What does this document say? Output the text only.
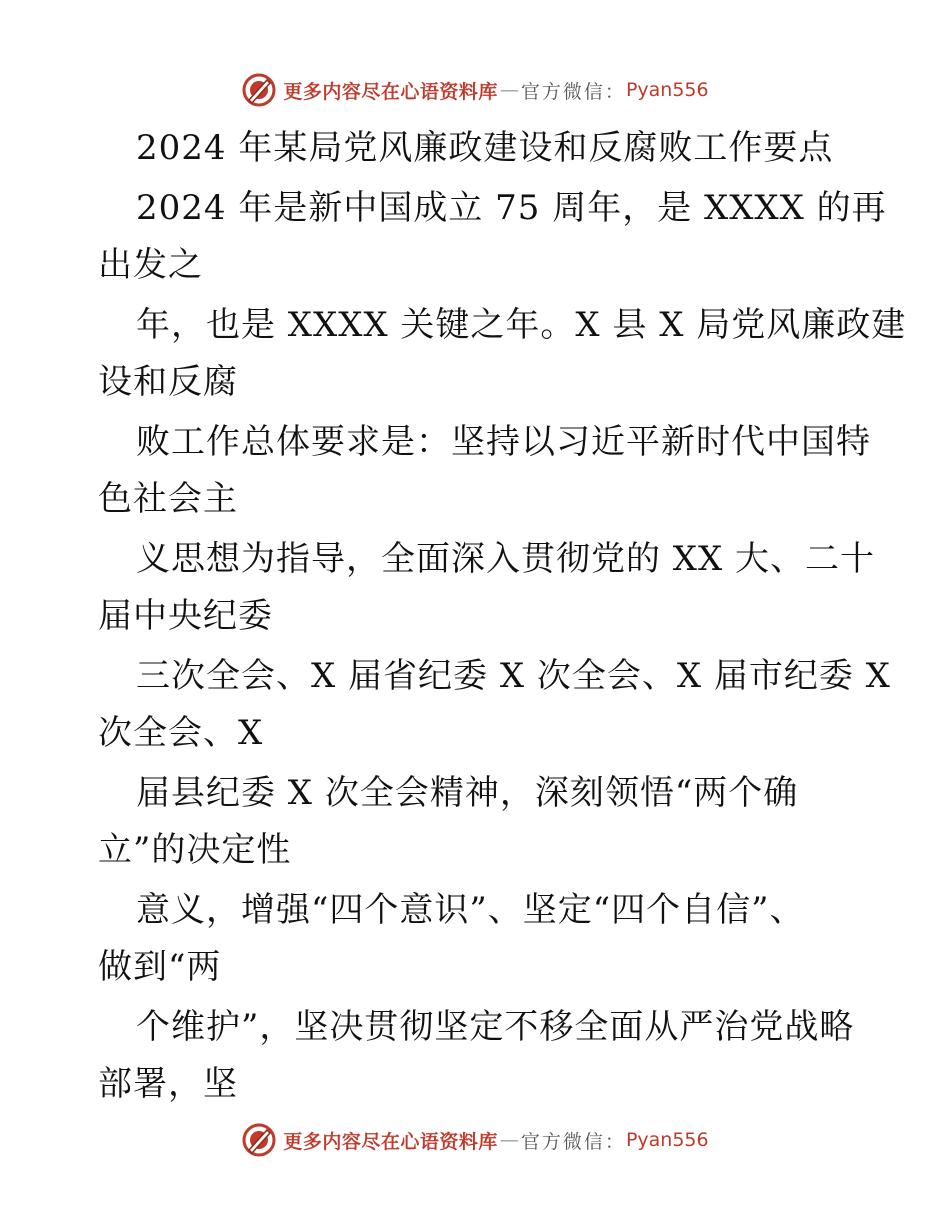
更多内容尽在心语资料库 — 官方微信： Pyan556
2024 年某局党风廉政建设和反腐败工作要点
2024 年是新中国成立 75 周年，是 XXXX 的再
出发之
年，也是 XXXX 关键之年。X 县 X 局党风廉政建
设和反腐
败工作总体要求是：坚持以习近平新时代中国特
色社会主
义思想为指导，全面深入贯彻党的 XX 大、二十
届中央纪委
三次全会、X 届省纪委 X 次全会、X 届市纪委 X
次全会、X
届县纪委 X 次全会精神，深刻领悟“两个确
立”的决定性
意义，增强“四个意识”、坚定“四个自信”、
做到“两
个维护”，坚决贯彻坚定不移全面从严治党战略
部署，坚
更多内容尽在心语资料库 — 官方微信： Pyan556
